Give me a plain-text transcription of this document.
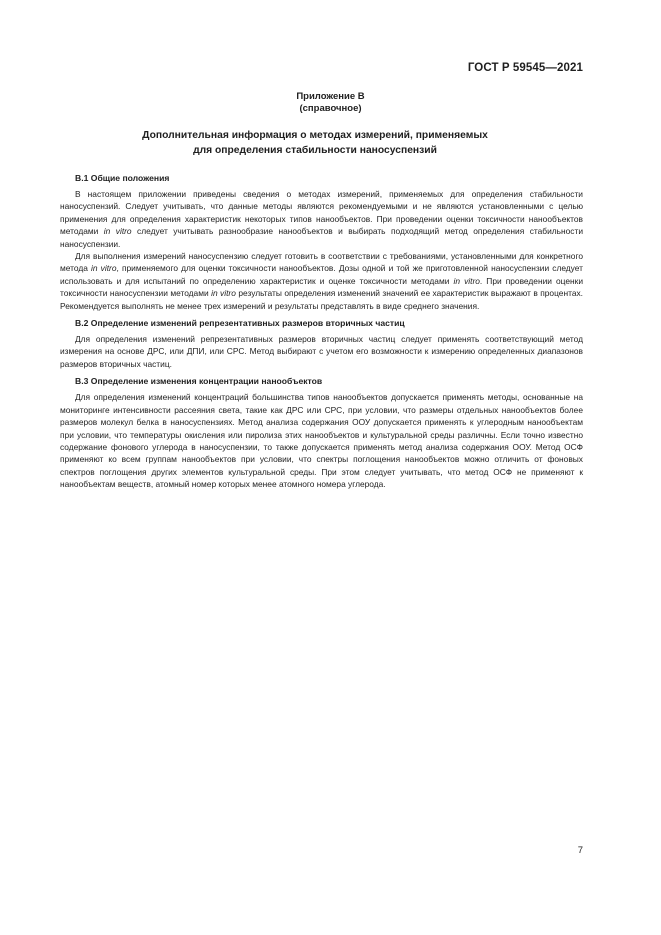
ГОСТ Р 59545—2021
Приложение В
(справочное)
Дополнительная информация о методах измерений, применяемых
для определения стабильности наносуспензий
В.1 Общие положения

В настоящем приложении приведены сведения о методах измерений, применяемых для определения стабильности наносуспензий. Следует учитывать, что данные методы являются рекомендуемыми и не являются установленными с целью применения для определения характеристик некоторых типов нанообъектов. При проведении оценки токсичности нанообъектов методами in vitro следует учитывать разнообразие нанообъектов и выбирать подходящий метод определения стабильности наносуспензии.

Для выполнения измерений наносуспензию следует готовить в соответствии с требованиями, установленными для конкретного метода in vitro, применяемого для оценки токсичности нанообъектов. Дозы одной и той же приготовленной наносуспензии следует использовать и для испытаний по определению характеристик и оценке токсичности методами in vitro. При проведении оценки токсичности наносуспензии методами in vitro результаты определения изменений значений ее характеристик выражают в процентах. Рекомендуется выполнять не менее трех измерений и результаты представлять в виде среднего значения.

В.2 Определение изменений репрезентативных размеров вторичных частиц

Для определения изменений репрезентативных размеров вторичных частиц следует применять соответствующий метод измерения на основе ДРС, или ДПИ, или СРС. Метод выбирают с учетом его возможности к измерению определенных диапазонов размеров вторичных частиц.

В.3 Определение изменения концентрации нанообъектов

Для определения изменений концентраций большинства типов нанообъектов допускается применять методы, основанные на мониторинге интенсивности рассеяния света, такие как ДРС или СРС, при условии, что размеры отдельных нанообъектов более размеров молекул белка в наносуспензиях. Метод анализа содержания ООУ допускается применять к углеродным нанообъектам при условии, что температуры окисления или пиролиза этих нанообъектов и культуральной среды различны. Если точно известно содержание фонового углерода в наносуспензии, то также допускается применять метод анализа содержания ООУ. Метод ОСФ применяют ко всем группам нанообъектов при условии, что спектры поглощения нанообъектов можно отличить от фоновых спектров поглощения других элементов культуральной среды. При этом следует учитывать, что метод ОСФ не применяют к нанообъектам веществ, атомный номер которых менее атомного номера углерода.

7
